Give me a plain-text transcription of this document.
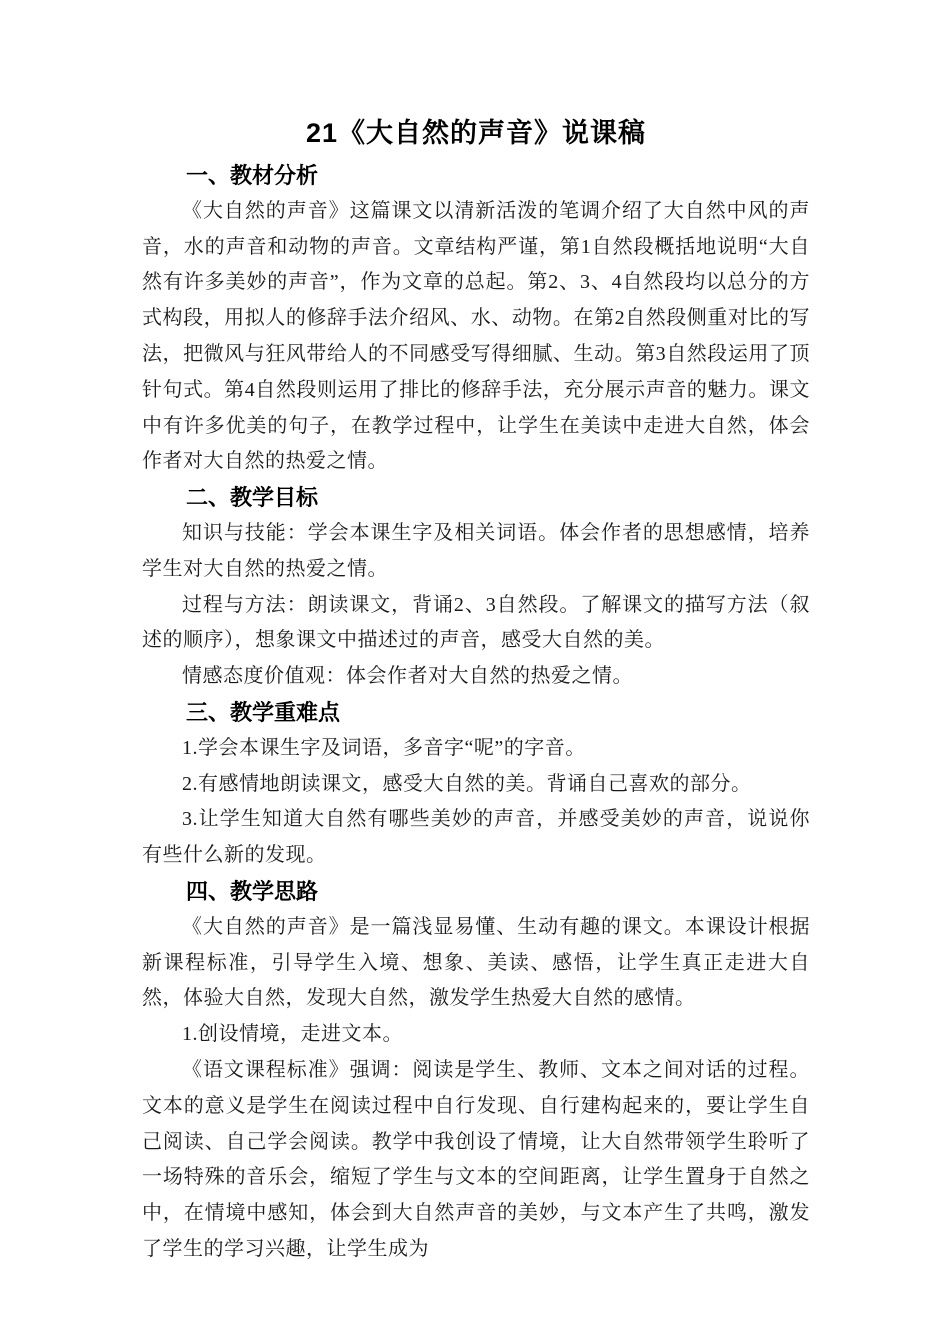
21《大自然的声音》说课稿
一、教材分析

《大自然的声音》这篇课文以清新活泼的笔调介绍了大自然中风的声音，水的声音和动物的声音。文章结构严谨，第1自然段概括地说明“大自然有许多美妙的声音”，作为文章的总起。第2、3、4自然段均以总分的方式构段，用拟人的修辞手法介绍风、水、动物。在第2自然段侧重对比的写法，把微风与狂风带给人的不同感受写得细腻、生动。第3自然段运用了顶针句式。第4自然段则运用了排比的修辞手法，充分展示声音的魅力。课文中有许多优美的句子，在教学过程中，让学生在美读中走进大自然，体会作者对大自然的热爱之情。

二、教学目标

知识与技能：学会本课生字及相关词语。体会作者的思想感情，培养学生对大自然的热爱之情。

过程与方法：朗读课文，背诵2、3自然段。了解课文的描写方法（叙述的顺序），想象课文中描述过的声音，感受大自然的美。

情感态度价值观：体会作者对大自然的热爱之情。

三、教学重难点

1.学会本课生字及词语，多音字“呢”的字音。

2.有感情地朗读课文，感受大自然的美。背诵自己喜欢的部分。

3.让学生知道大自然有哪些美妙的声音，并感受美妙的声音，说说你有些什么新的发现。

四、教学思路

《大自然的声音》是一篇浅显易懂、生动有趣的课文。本课设计根据新课程标准，引导学生入境、想象、美读、感悟，让学生真正走进大自然，体验大自然，发现大自然，激发学生热爱大自然的感情。

1.创设情境，走进文本。

《语文课程标准》强调：阅读是学生、教师、文本之间对话的过程。文本的意义是学生在阅读过程中自行发现、自行建构起来的，要让学生自己阅读、自己学会阅读。教学中我创设了情境，让大自然带领学生聆听了一场特殊的音乐会，缩短了学生与文本的空间距离，让学生置身于自然之中，在情境中感知，体会到大自然声音的美妙，与文本产生了共鸣，激发了学生的学习兴趣，让学生成为
